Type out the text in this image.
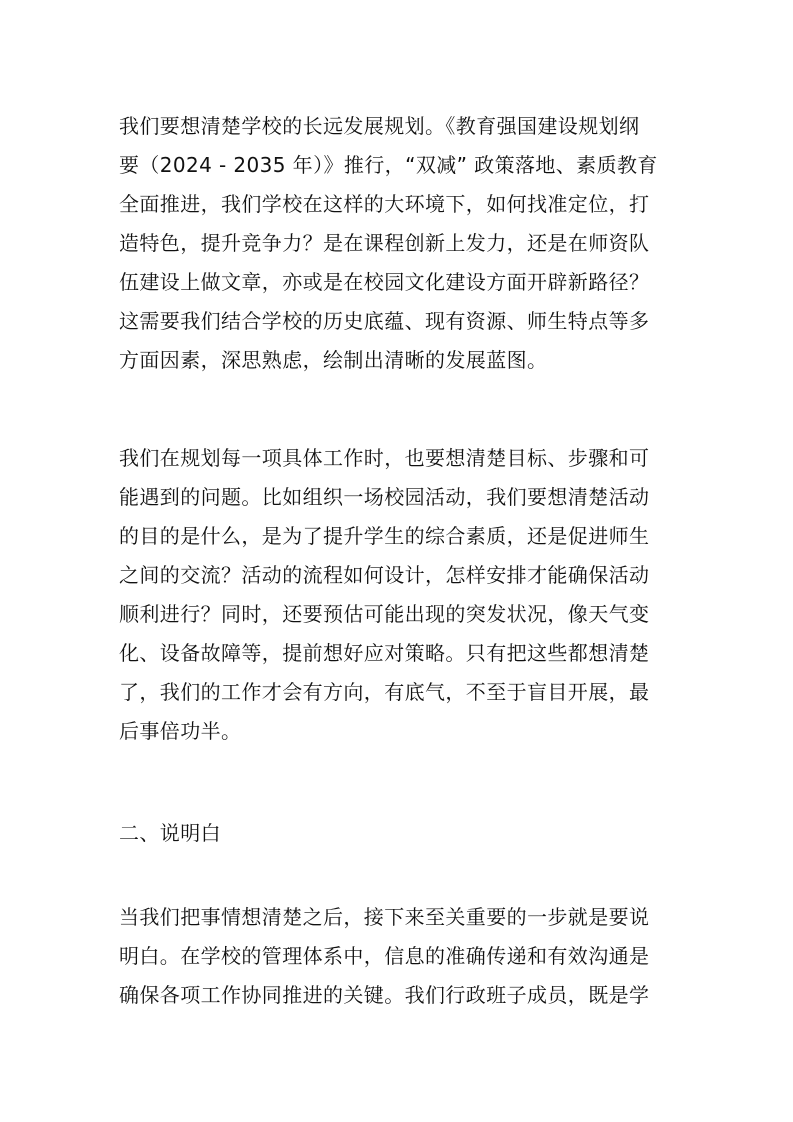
我们要想清楚学校的长远发展规划。《教育强国建设规划纲
要（2024 - 2035 年）》推行，“双减” 政策落地、素质教育
全面推进，我们学校在这样的大环境下，如何找准定位，打
造特色，提升竞争力？是在课程创新上发力，还是在师资队
伍建设上做文章，亦或是在校园文化建设方面开辟新路径？
这需要我们结合学校的历史底蕴、现有资源、师生特点等多
方面因素，深思熟虑，绘制出清晰的发展蓝图。
我们在规划每一项具体工作时，也要想清楚目标、步骤和可
能遇到的问题。比如组织一场校园活动，我们要想清楚活动
的目的是什么，是为了提升学生的综合素质，还是促进师生
之间的交流？活动的流程如何设计，怎样安排才能确保活动
顺利进行？同时，还要预估可能出现的突发状况，像天气变
化、设备故障等，提前想好应对策略。只有把这些都想清楚
了，我们的工作才会有方向，有底气，不至于盲目开展，最
后事倍功半。
二、说明白
当我们把事情想清楚之后，接下来至关重要的一步就是要说
明白。在学校的管理体系中，信息的准确传递和有效沟通是
确保各项工作协同推进的关键。我们行政班子成员，既是学
